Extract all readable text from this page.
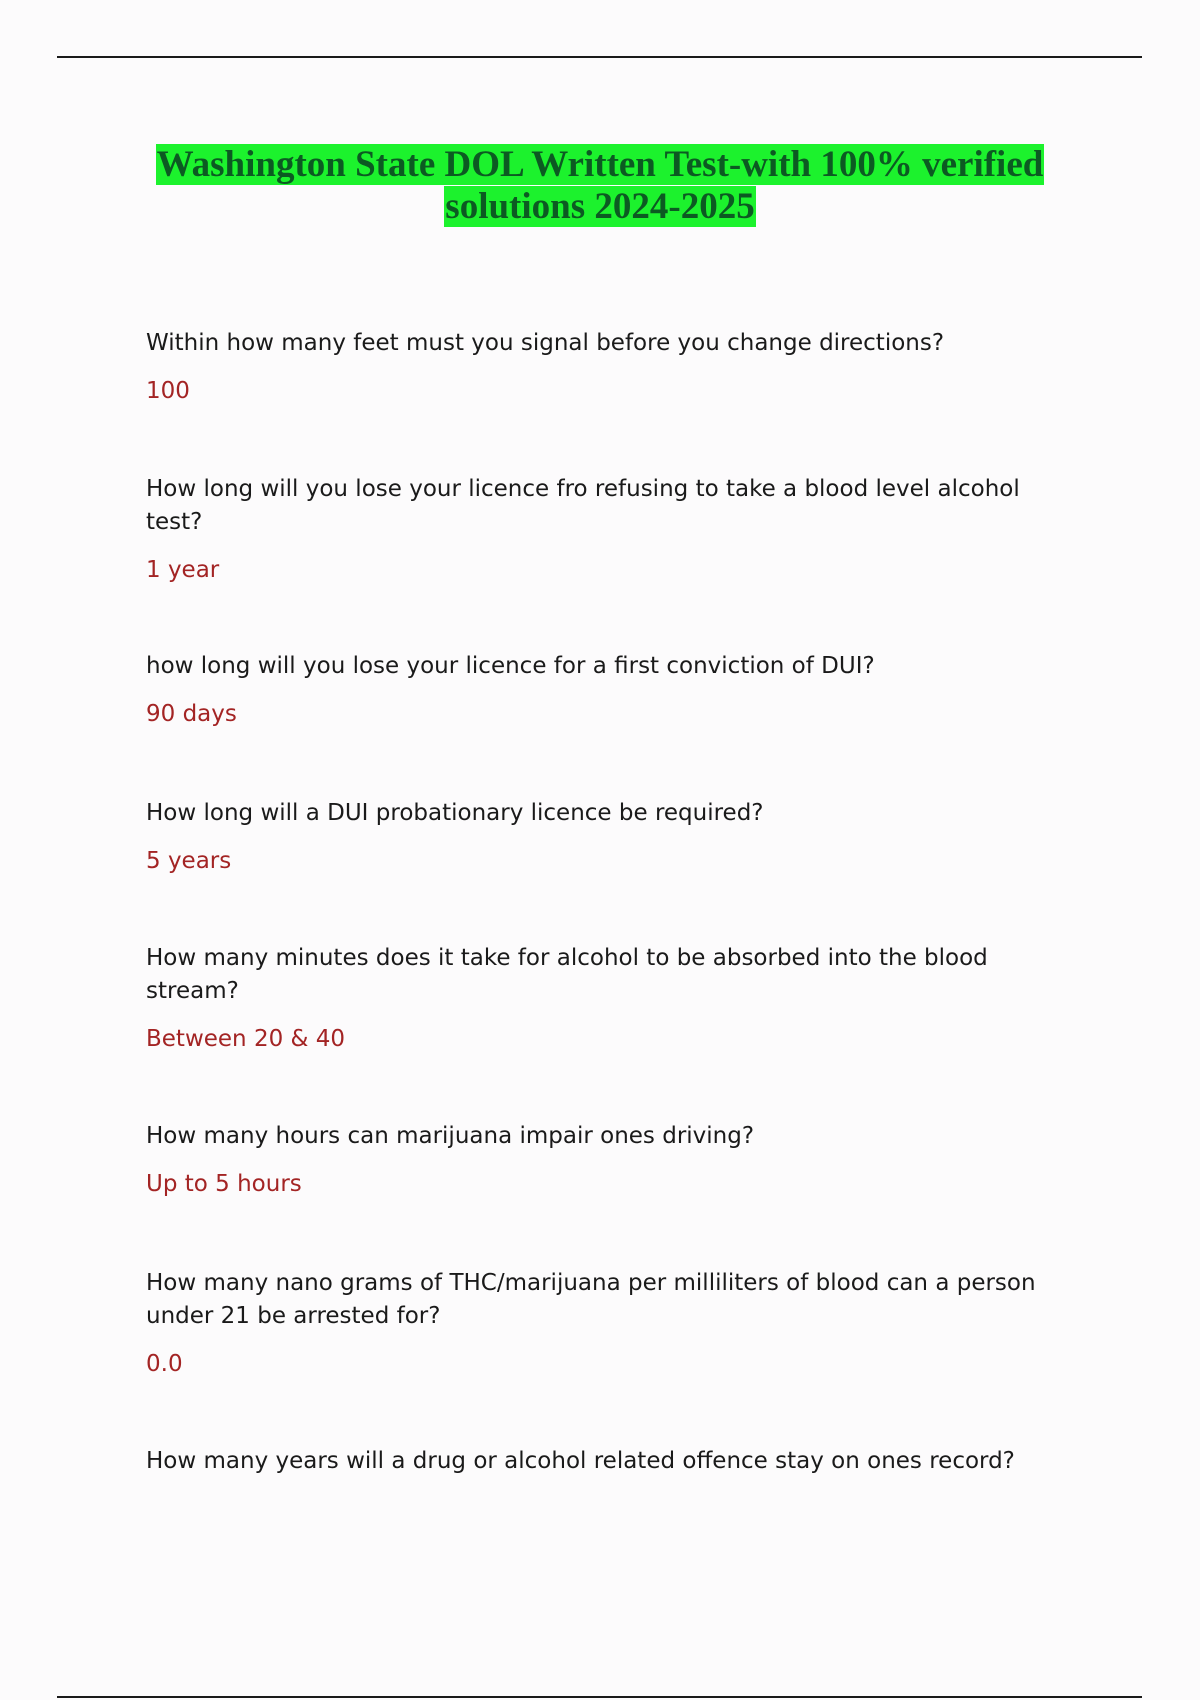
Washington State DOL Written Test-with 100% verified
solutions 2024-2025

Within how many feet must you signal before you change directions?

100

How long will you lose your licence fro refusing to take a blood level alcohol test?

1 year

how long will you lose your licence for a first conviction of DUI?

90 days

How long will a DUI probationary licence be required?

5 years

How many minutes does it take for alcohol to be absorbed into the blood stream?

Between 20 & 40

How many hours can marijuana impair ones driving?

Up to 5 hours

How many nano grams of THC/marijuana per milliliters of blood can a person under 21 be arrested for?

0.0

How many years will a drug or alcohol related offence stay on ones record?
